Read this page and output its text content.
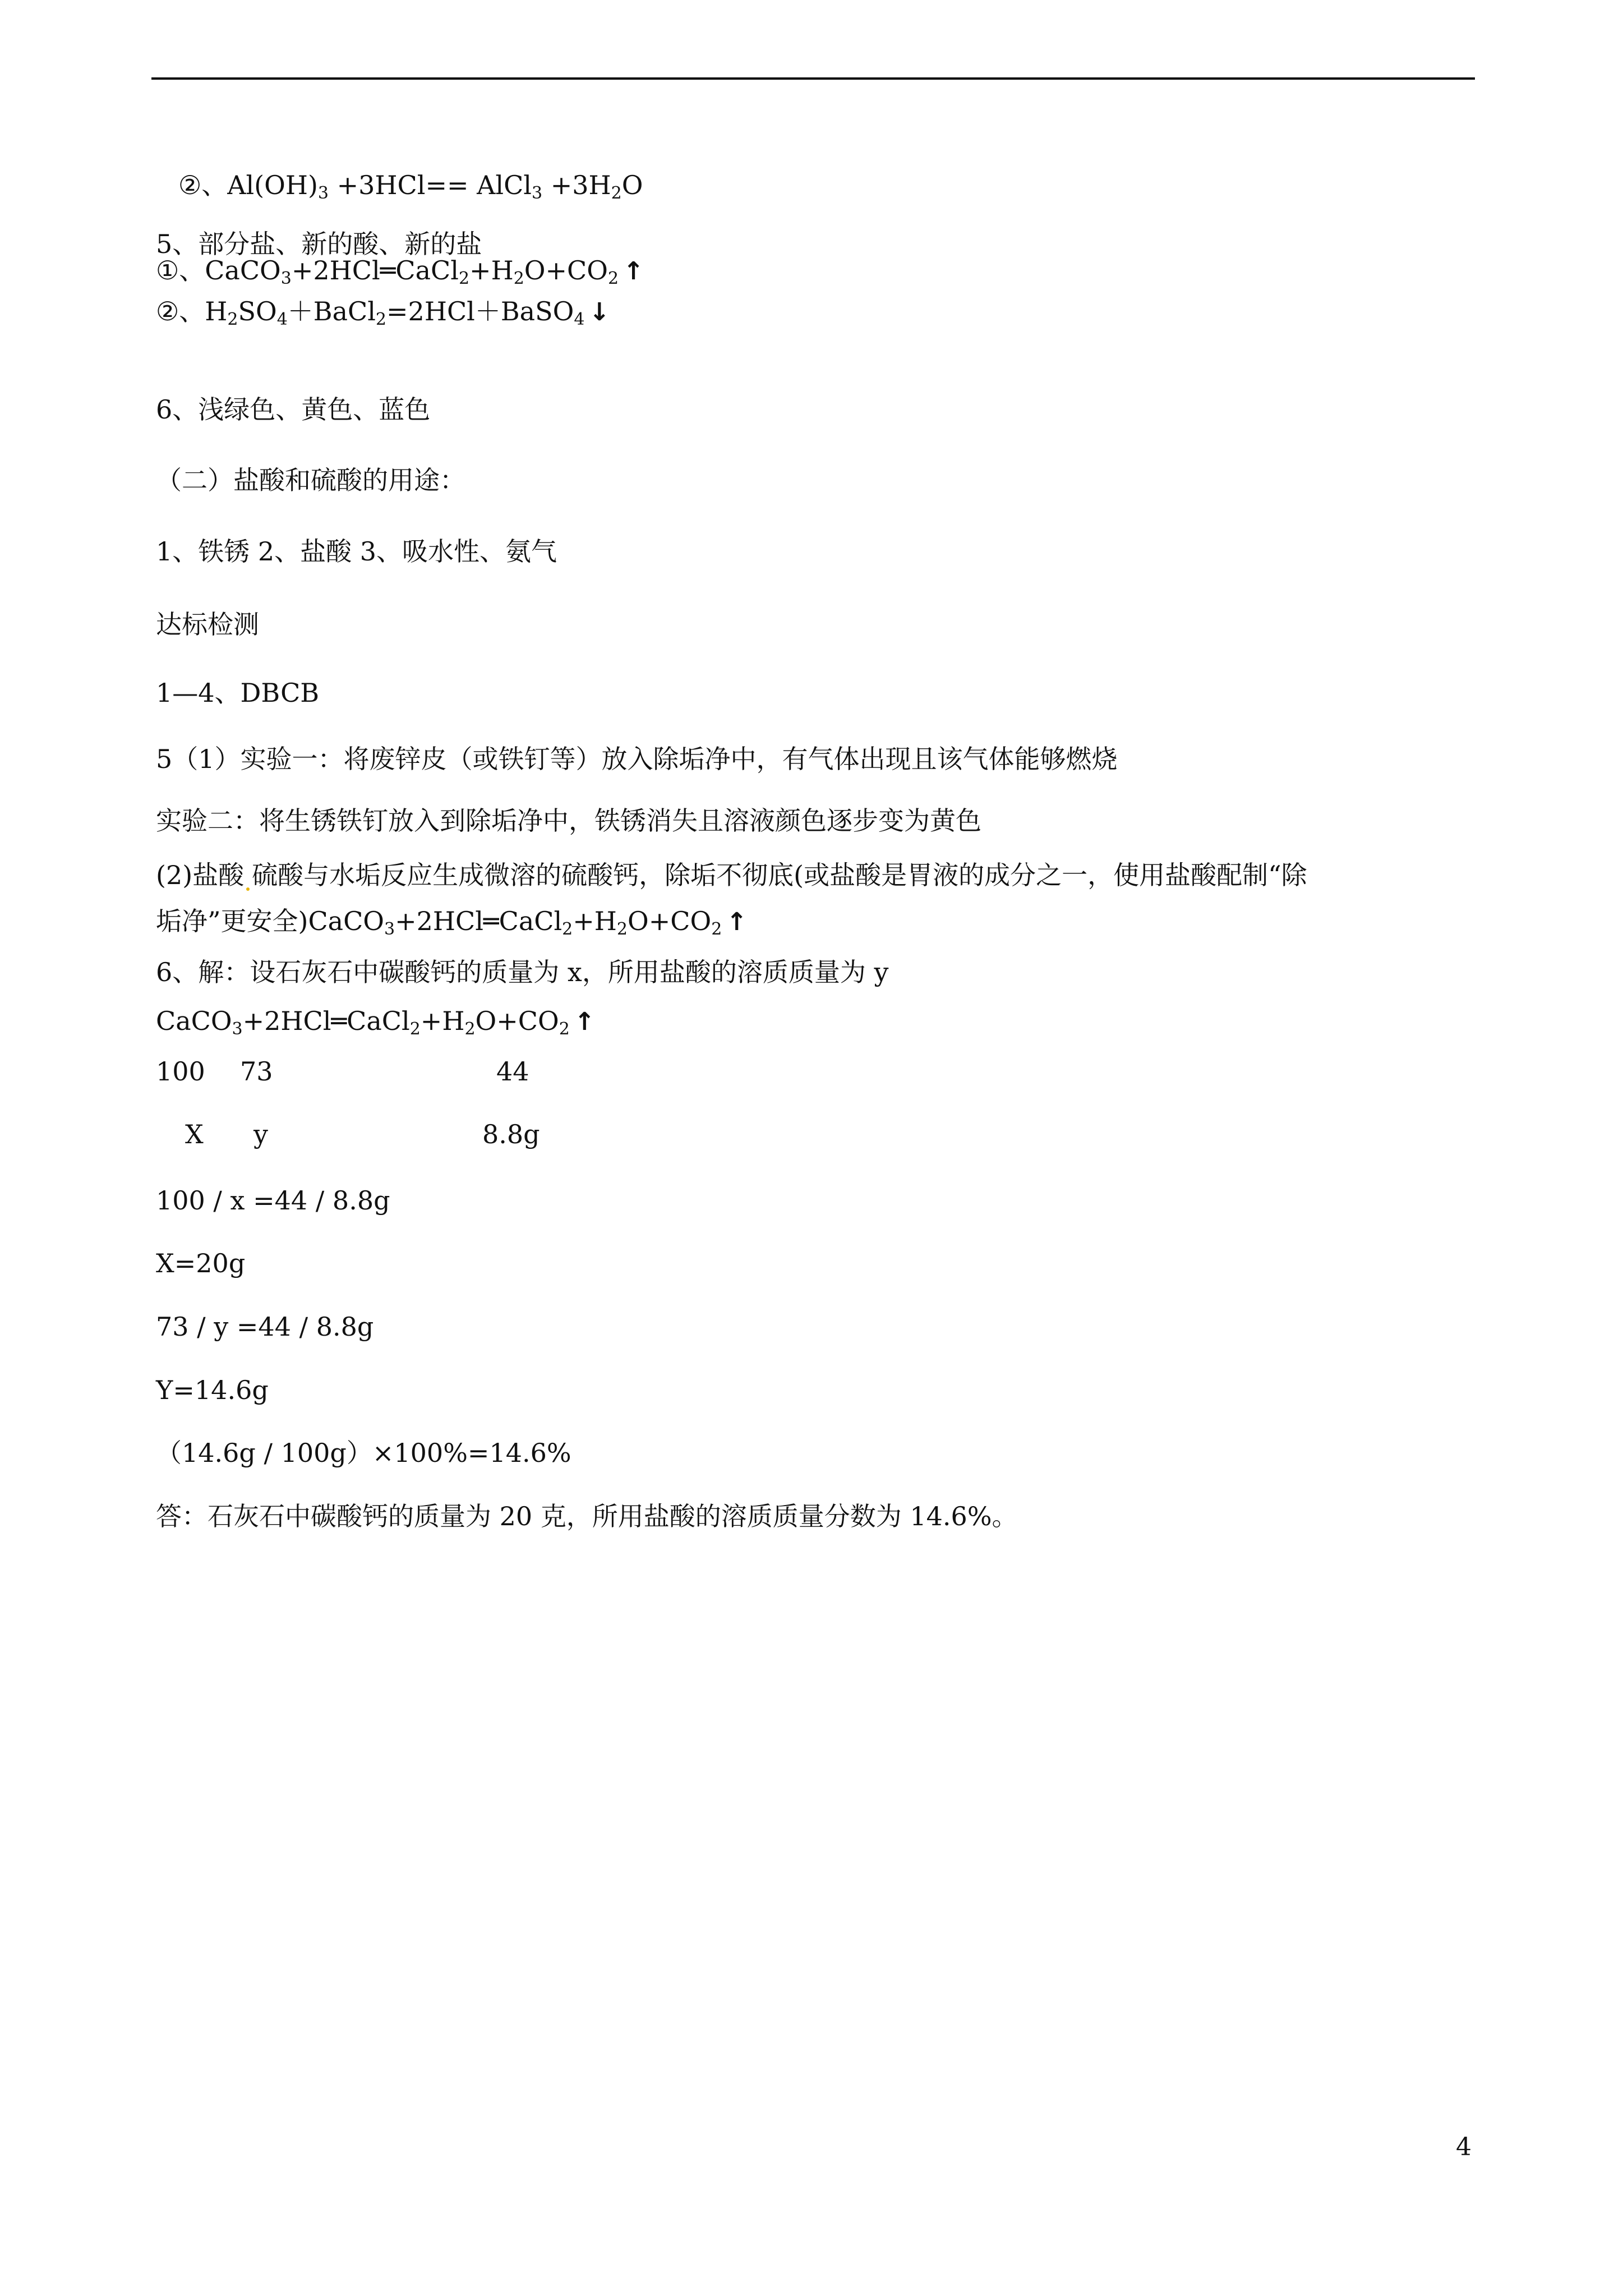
②、$Al(OH)_3 +3HCl==$ AlCl$_3$ $+3H_2O$
5、部分盐、新的酸、新的盐
①、$CaCO_3+2HCl═CaCl_2+H_2O+CO_2$ ↑
②、$H_2SO_4+BaCl_2=2HCl+BaSO_4$ ↓
6、浅绿色、黄色、蓝色
（二）盐酸和硫酸的用途：
1、铁锈 2、盐酸 3、吸水性、氨气
达标检测
1—4、DBCB
5（1）实验一：将废锌皮（或铁钉等）放入除垢净中，有气体出现且该气体能够燃烧
实验二：将生锈铁钉放入到除垢净中，铁锈消失且溶液颜色逐步变为黄色
(2)盐酸 硫酸与水垢反应生成微溶的硫酸钙，除垢不彻底(或盐酸是胃液的成分之一，使用盐酸配制“除
垢净”更安全)$CaCO_3+2HCl═CaCl_2+H_2O+CO_2$ ↑
6、解：设石灰石中碳酸钙的质量为 x，所用盐酸的溶质质量为 y
$CaCO_3+2HCl═CaCl_2+H_2O+CO_2$ ↑
100 73	44
X y	8.8g
100 / x =44 / 8.8g
X=20g
73 / y =44 / 8.8g
Y=14.6g
（14.6g / 100g）×100%=14.6%
答：石灰石中碳酸钙的质量为 20 克，所用盐酸的溶质质量分数为 14.6%。
4
